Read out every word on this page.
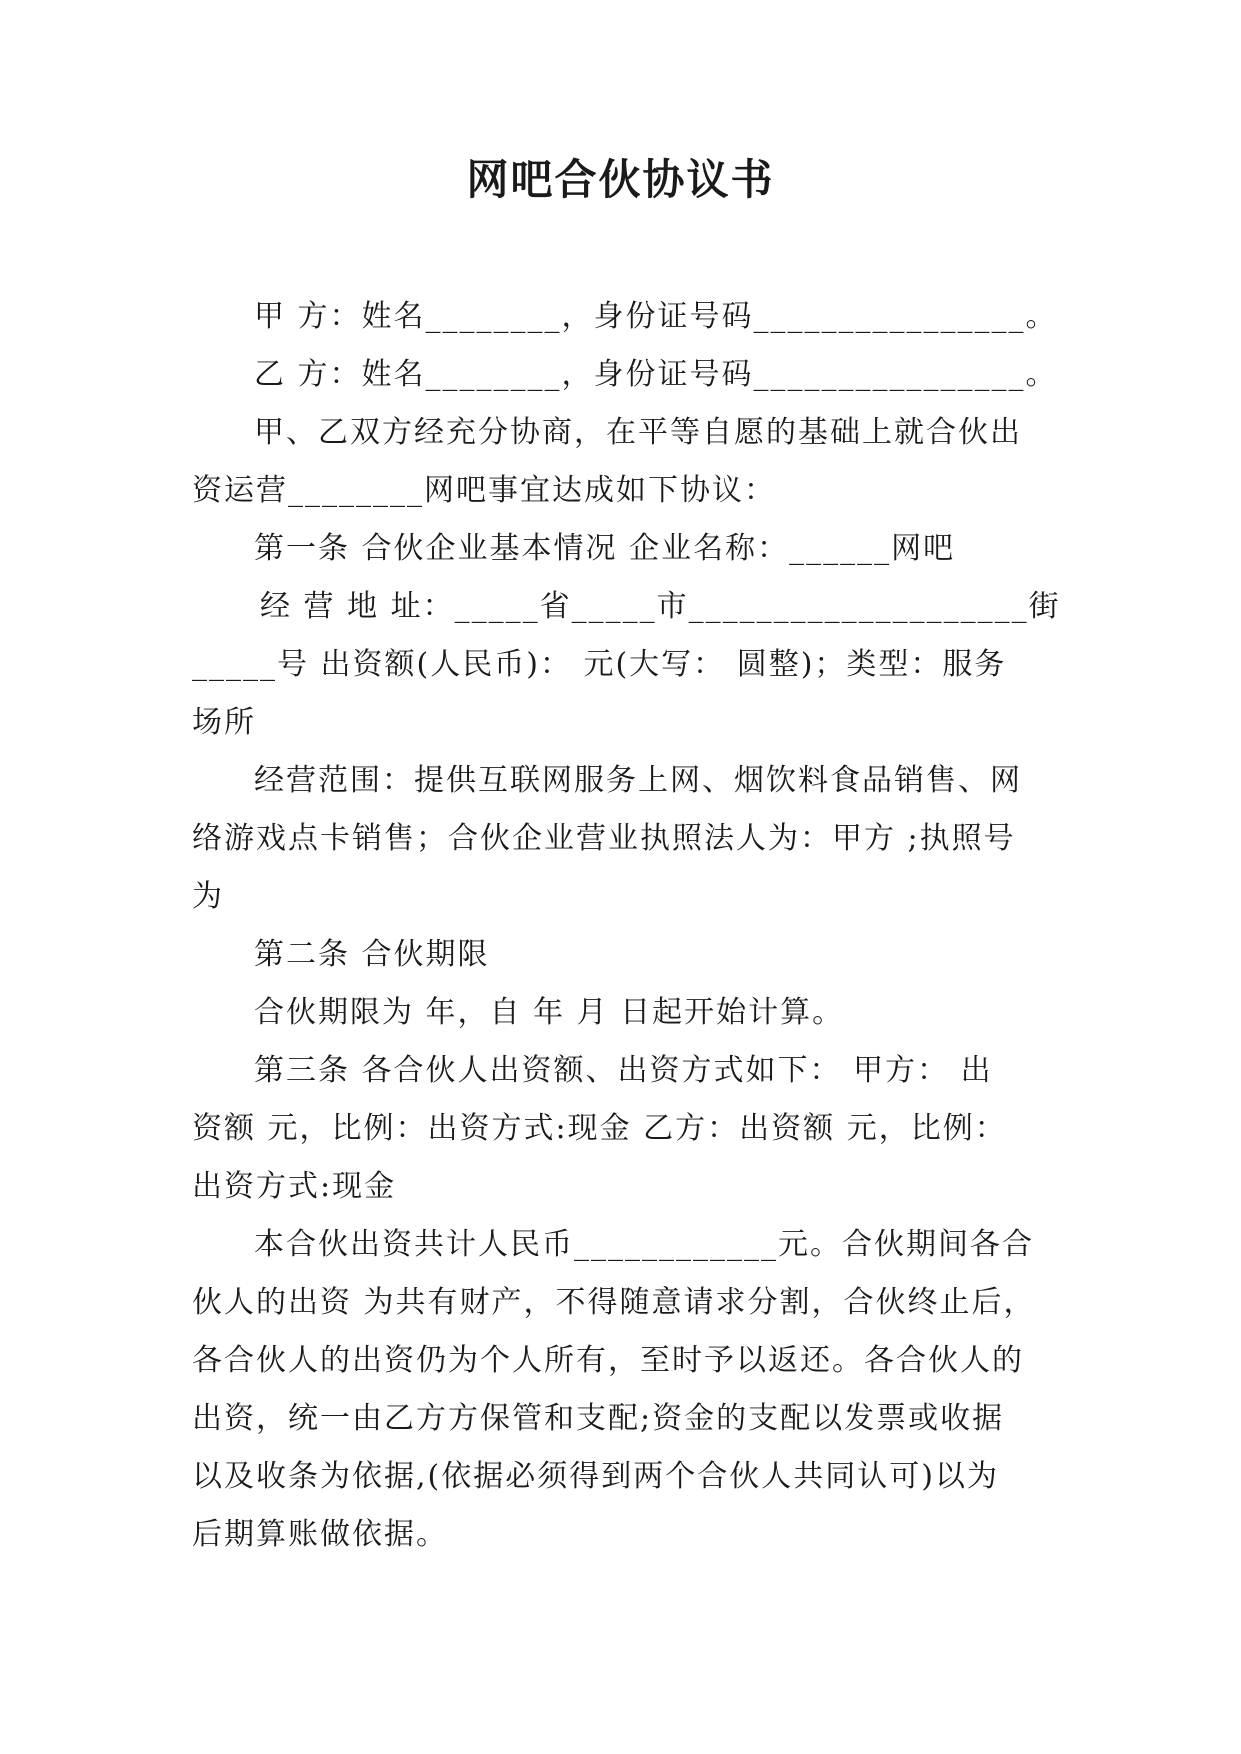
网吧合伙协议书
甲 方：姓名________，身份证号码________________。
乙 方：姓名________，身份证号码________________。
甲、乙双方经充分协商，在平等自愿的基础上就合伙出
资运营________网吧事宜达成如下协议：
第一条 合伙企业基本情况 企业名称：______网吧
经 营 地 址：_____省_____市____________________街
_____号 出资额(人民币)： 元(大写： 圆整)；类型：服务
场所
经营范围：提供互联网服务上网、烟饮料食品销售、网
络游戏点卡销售；合伙企业营业执照法人为：甲方 ;执照号
为
第二条 合伙期限
合伙期限为 年，自 年 月 日起开始计算。
第三条 各合伙人出资额、出资方式如下： 甲方： 出
资额 元，比例：出资方式:现金 乙方：出资额 元，比例：
出资方式:现金
本合伙出资共计人民币____________元。合伙期间各合
伙人的出资 为共有财产，不得随意请求分割，合伙终止后，
各合伙人的出资仍为个人所有，至时予以返还。各合伙人的
出资，统一由乙方方保管和支配;资金的支配以发票或收据
以及收条为依据,(依据必须得到两个合伙人共同认可)以为
后期算账做依据。
